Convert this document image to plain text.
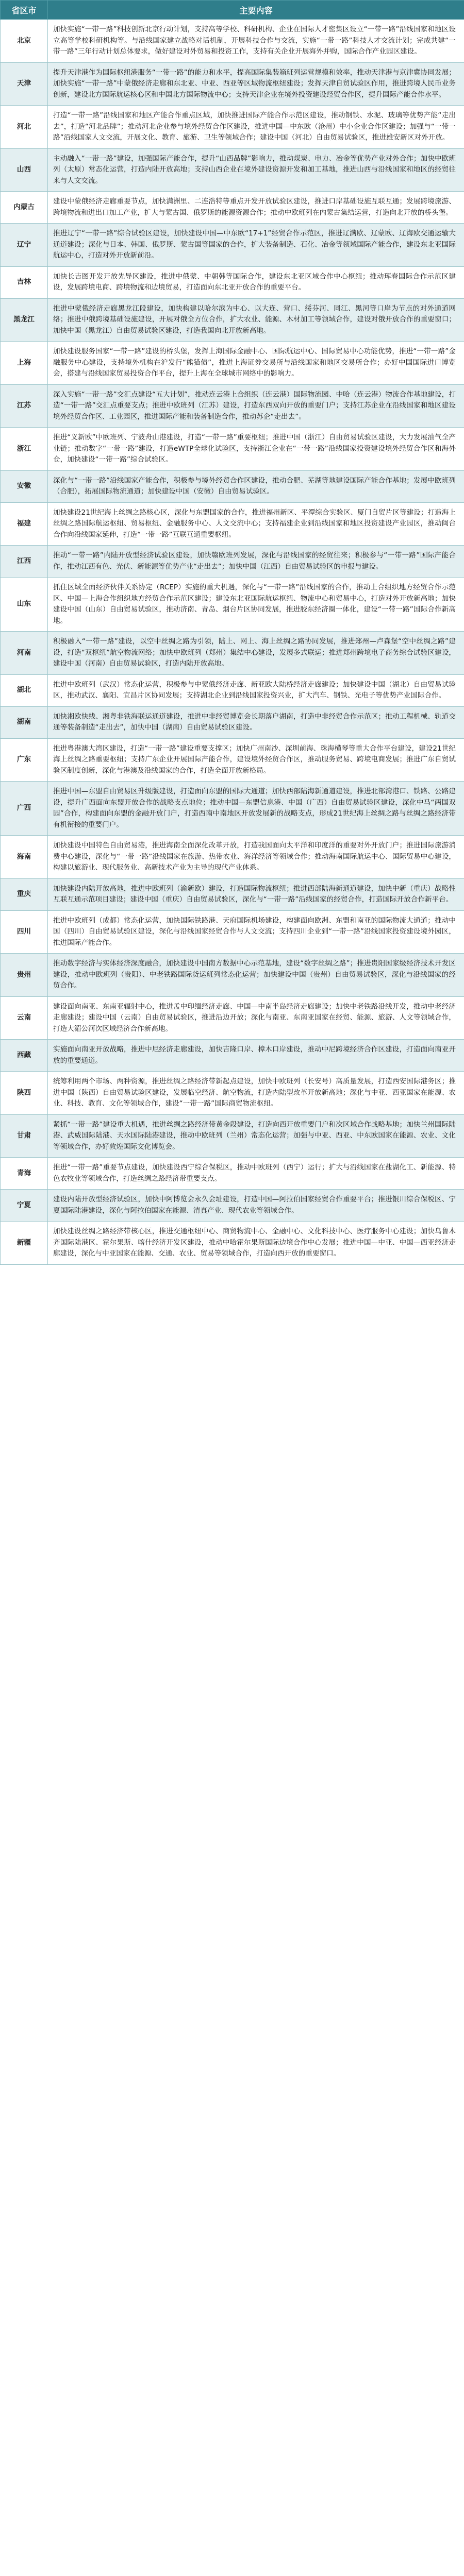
省区市	主要内容
北京	加快实施“一带一路”科技创新北京行动计划，支持高等学校、科研机构、企业在国际人才密集区设立“一带一路”沿线国家和地区设立高等学校科研机构等。与沿线国家建立战略对话机制，开展科技合作与交流，实施“一带一路”科技人才交流计划；完成共建“一带一路”三年行动计划总体要求，做好建设对外贸易和投资工作，支持有关企业开展海外并购，国际合作产业园区建设。
天津	提升天津港作为国际枢纽港服务“一带一路”的能力和水平，提高国际集装箱班列运营规模和效率，推动天津港与京津冀协同发展；加快实施“一带一路”中蒙俄经济走廊和东北亚、中亚、西亚等区域物流枢纽建设；发挥天津自贸试验区作用，推进跨境人民币业务创新，建设北方国际航运核心区和中国北方国际物流中心；支持天津企业在境外投资建设经贸合作区，提升国际产能合作水平。
河北	打造“一带一路”沿线国家和地区产能合作重点区域，加快推进国际产能合作示范区建设，推动钢铁、水泥、玻璃等优势产能“走出去”，打造“河北品牌”；推动河北企业参与境外经贸合作区建设，推进中国—中东欧（沧州）中小企业合作区建设；加强与“一带一路”沿线国家人文交流，开展文化、教育、旅游、卫生等领域合作；建设中国（河北）自由贸易试验区，推进雄安新区对外开放。
山西	主动融入“一带一路”建设，加强国际产能合作，提升“山西品牌”影响力，推动煤炭、电力、冶金等优势产业对外合作；加快中欧班列（太原）常态化运营，打造内陆开放高地；支持山西企业在境外建设资源开发和加工基地，推进山西与沿线国家和地区的经贸往来与人文交流。
内蒙古	建设中蒙俄经济走廊重要节点，加快满洲里、二连浩特等重点开发开放试验区建设，推进口岸基础设施互联互通；发展跨境旅游、跨境物流和进出口加工产业，扩大与蒙古国、俄罗斯的能源资源合作；推动中欧班列在内蒙古集结运营，打造向北开放的桥头堡。
辽宁	推进辽宁“一带一路”综合试验区建设，加快建设中国—中东欧“17+1”经贸合作示范区，推进辽满欧、辽蒙欧、辽海欧交通运输大通道建设；深化与日本、韩国、俄罗斯、蒙古国等国家的合作，扩大装备制造、石化、冶金等领域国际产能合作，建设东北亚国际航运中心，打造对外开放新前沿。
吉林	加快长吉图开发开放先导区建设，推进中俄蒙、中朝韩等国际合作，建设东北亚区域合作中心枢纽；推动珲春国际合作示范区建设，发展跨境电商、跨境物流和边境贸易，打造面向东北亚开放合作的重要平台。
黑龙江	推进中蒙俄经济走廊黑龙江段建设，加快构建以哈尔滨为中心、以大连、营口、绥芬河、同江、黑河等口岸为节点的对外通道网络；推进中俄跨境基础设施建设，开展对俄全方位合作，扩大农业、能源、木材加工等领域合作，建设对俄开放合作的重要窗口；加快中国（黑龙江）自由贸易试验区建设，打造我国向北开放新高地。
上海	加快建设服务国家“一带一路”建设的桥头堡，发挥上海国际金融中心、国际航运中心、国际贸易中心功能优势，推进“一带一路”金融服务中心建设，支持境外机构在沪发行“熊猫债”，推进上海证券交易所与沿线国家和地区交易所合作；办好中国国际进口博览会，搭建与沿线国家贸易投资合作平台，提升上海在全球城市网络中的影响力。
江苏	深入实施“一带一路”交汇点建设“五大计划”，推动连云港上合组织（连云港）国际物流园、中哈（连云港）物流合作基地建设，打造“一带一路”交汇点重要支点；推进中欧班列（江苏）建设，打造东西双向开放的重要门户；支持江苏企业在沿线国家和地区建设境外经贸合作区、工业园区，推进国际产能和装备制造合作，推动苏企“走出去”。
浙江	推进“义新欧”中欧班列、宁波舟山港建设，打造“一带一路”重要枢纽；推进中国（浙江）自由贸易试验区建设，大力发展油气全产业链；推动数字“一带一路”建设，打造eWTP全球化试验区，支持浙江企业在“一带一路”沿线国家投资建设境外经贸合作区和海外仓，加快建设“一带一路”综合试验区。
安徽	深化与“一带一路”沿线国家产能合作，积极参与境外经贸合作区建设，推动合肥、芜湖等地建设国际产能合作基地；发展中欧班列（合肥），拓展国际物流通道；加快建设中国（安徽）自由贸易试验区。
福建	加快建设21世纪海上丝绸之路核心区，深化与东盟国家的合作，推进福州新区、平潭综合实验区、厦门自贸片区等建设；打造海上丝绸之路国际航运枢纽、贸易枢纽、金融服务中心、人文交流中心；支持福建企业到沿线国家和地区投资建设产业园区，推动闽台合作向沿线国家延伸，打造“一带一路”互联互通重要枢纽。
江西	推动“一带一路”内陆开放型经济试验区建设，加快赣欧班列发展，深化与沿线国家的经贸往来；积极参与“一带一路”国际产能合作，推动江西有色、光伏、新能源等优势产业“走出去”；加快中国（江西）自由贸易试验区的申报与建设。
山东	抓住区域全面经济伙伴关系协定（RCEP）实施的重大机遇，深化与“一带一路”沿线国家的合作，推动上合组织地方经贸合作示范区、中国—上海合作组织地方经贸合作示范区建设；建设东北亚国际航运枢纽、物流中心和贸易中心，打造对外开放新高地；加快建设中国（山东）自由贸易试验区，推动济南、青岛、烟台片区协同发展，推进胶东经济圈一体化，建设“一带一路”国际合作新高地。
河南	积极融入“一带一路”建设，以空中丝绸之路为引领，陆上、网上、海上丝绸之路协同发展，推进郑州—卢森堡“空中丝绸之路”建设，打造“双枢纽”航空物流网络；加快中欧班列（郑州）集结中心建设，发展多式联运；推进郑州跨境电子商务综合试验区建设，建设中国（河南）自由贸易试验区，打造内陆开放高地。
湖北	推进中欧班列（武汉）常态化运营，积极参与中蒙俄经济走廊、新亚欧大陆桥经济走廊建设；加快建设中国（湖北）自由贸易试验区，推动武汉、襄阳、宜昌片区协同发展；支持湖北企业到沿线国家投资兴业，扩大汽车、钢铁、光电子等优势产业国际合作。
湖南	加快湘欧快线、湘粤非铁海联运通道建设，推进中非经贸博览会长期落户湖南，打造中非经贸合作示范区；推动工程机械、轨道交通等装备制造“走出去”，加快中国（湖南）自由贸易试验区建设。
广东	推进粤港澳大湾区建设，打造“一带一路”建设重要支撑区；加快广州南沙、深圳前海、珠海横琴等重大合作平台建设，建设21世纪海上丝绸之路重要枢纽；支持广东企业开展国际产能合作，建设境外经贸合作区，推动服务贸易、跨境电商发展；推进广东自贸试验区制度创新，深化与港澳及沿线国家的合作，打造全面开放新格局。
广西	推进中国—东盟自由贸易区升级版建设，打造面向东盟的国际大通道；加快西部陆海新通道建设，推进北部湾港口、铁路、公路建设，提升广西面向东盟开放合作的战略支点地位；推动中国—东盟信息港、中国（广西）自由贸易试验区建设，深化中马“两国双园”合作，构建面向东盟的金融开放门户，打造西南中南地区开放发展新的战略支点，形成21世纪海上丝绸之路与丝绸之路经济带有机衔接的重要门户。
海南	加快建设中国特色自由贸易港，推进海南全面深化改革开放，打造我国面向太平洋和印度洋的重要对外开放门户；推进国际旅游消费中心建设，深化与“一带一路”沿线国家在旅游、热带农业、海洋经济等领域合作；推动海南国际航运中心、国际贸易中心建设，构建以旅游业、现代服务业、高新技术产业为主导的现代产业体系。
重庆	加快建设内陆开放高地，推进中欧班列（渝新欧）建设，打造国际物流枢纽；推进西部陆海新通道建设，加快中新（重庆）战略性互联互通示范项目建设；建设中国（重庆）自由贸易试验区，深化与“一带一路”沿线国家的经贸合作，打造国际开放合作新平台。
四川	推进中欧班列（成都）常态化运营，加快国际铁路港、天府国际机场建设，构建面向欧洲、东盟和南亚的国际物流大通道；推动中国（四川）自由贸易试验区建设，深化与沿线国家经贸合作与人文交流；支持四川企业到“一带一路”沿线国家投资建设境外园区，推进国际产能合作。
贵州	推动数字经济与实体经济深度融合，加快建设中国南方数据中心示范基地，建设“数字丝绸之路”；推进贵阳国家级经济技术开发区建设，推动中欧班列（贵阳）、中老铁路国际货运班列常态化运营；加快建设中国（贵州）自由贸易试验区，深化与沿线国家的经贸合作。
云南	建设面向南亚、东南亚辐射中心，推进孟中印缅经济走廊、中国—中南半岛经济走廊建设；加快中老铁路沿线开发，推动中老经济走廊建设；建设中国（云南）自由贸易试验区，推进沿边开放；深化与南亚、东南亚国家在经贸、能源、旅游、人文等领域合作，打造大湄公河次区域经济合作新高地。
西藏	实施面向南亚开放战略，推进中尼经济走廊建设，加快吉隆口岸、樟木口岸建设，推动中尼跨境经济合作区建设，打造面向南亚开放的重要通道。
陕西	统筹利用两个市场、两种资源，推进丝绸之路经济带新起点建设，加快中欧班列（长安号）高质量发展，打造西安国际港务区；推进中国（陕西）自由贸易试验区建设，发展临空经济、航空物流，打造内陆型改革开放新高地；深化与中亚、西亚国家在能源、农业、科技、教育、文化等领域合作，建设“一带一路”国际商贸物流枢纽。
甘肃	紧抓“一带一路”建设重大机遇，推进丝绸之路经济带黄金段建设，打造向西开放重要门户和次区域合作战略基地；加快兰州国际陆港、武威国际陆港、天水国际陆港建设，推动中欧班列（兰州）常态化运营；加强与中亚、西亚、中东欧国家在能源、农业、文化等领域合作，办好敦煌国际文化博览会。
青海	推进“一带一路”重要节点建设，加快建设西宁综合保税区，推动中欧班列（西宁）运行；扩大与沿线国家在盐湖化工、新能源、特色农牧业等领域合作，打造丝绸之路经济带重要支点。
宁夏	建设内陆开放型经济试验区，加快中阿博览会永久会址建设，打造中国—阿拉伯国家经贸合作重要平台；推进银川综合保税区、宁夏国际陆港建设，深化与阿拉伯国家在能源、清真产业、现代农业等领域合作。
新疆	加快建设丝绸之路经济带核心区，推进交通枢纽中心、商贸物流中心、金融中心、文化科技中心、医疗服务中心建设；加快乌鲁木齐国际陆港区、霍尔果斯、喀什经济开发区建设，推动中哈霍尔果斯国际边境合作中心发展；推进中国—中亚、中国—西亚经济走廊建设，深化与中亚国家在能源、交通、农业、贸易等领域合作，打造向西开放的重要窗口。
